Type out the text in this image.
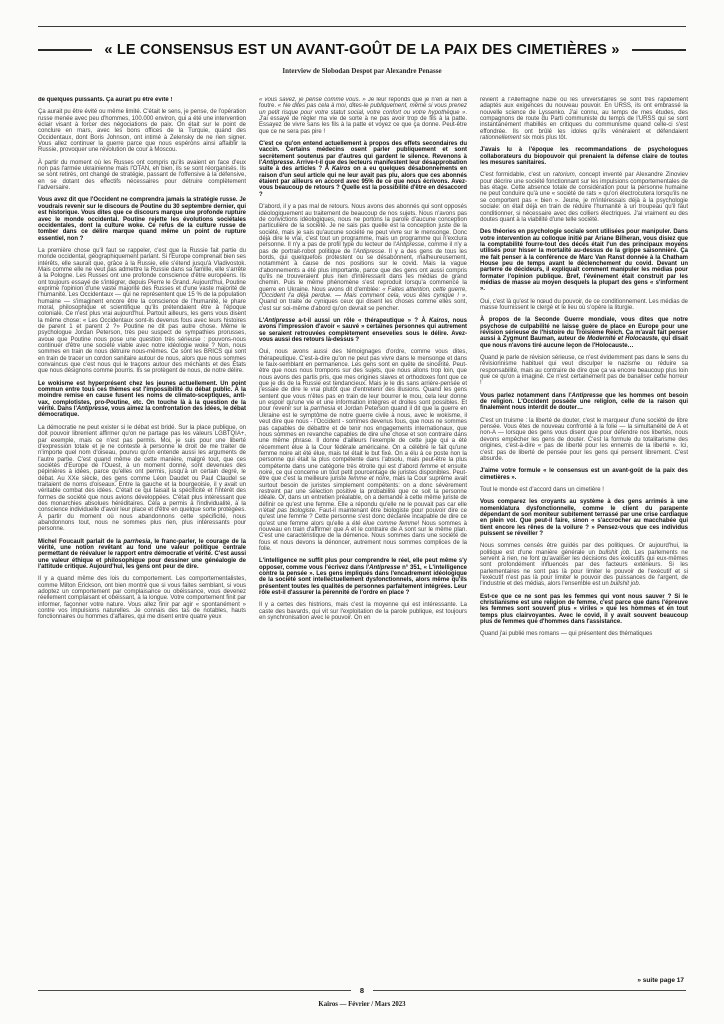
« LE CONSENSUS EST UN AVANT-GOÛT DE LA PAIX DES CIMETIÈRES »
Interview de Slobodan Despot par Alexandre Penasse

de quelques puissants. Ça aurait pu être évité !

Ça aurait pu être évité ou même limité. C'était le sens, je pense, de l'opération russe menée avec peu d'hommes, 100.000 environ, qui a été une intervention éclair visant à forcer des négociations de paix. On était sur le point de conclure en mars, avec les bons offices de la Turquie, quand des Occidentaux, dont Boris Johnson, ont intimé à Zelensky de ne rien signer. Vous allez continuer la guerre parce que nous espérons ainsi affaiblir la Russie, provoquer une révolution de cour à Moscou.

À partir du moment où les Russes ont compris qu'ils avaient en face d'eux non pas l'armée ukrainienne mais l'OTAN, eh bien, ils se sont réorganisés. Ils se sont retirés, ont changé de stratégie, passant de l'offensive à la défensive, en se dotant des effectifs nécessaires pour détruire complètement l'adversaire.

Vous avez dit que l'Occident ne comprendra jamais la stratégie russe. Je voudrais revenir sur le discours de Poutine du 30 septembre dernier, qui est historique. Vous dites que ce discours marque une profonde rupture avec le monde occidental. Poutine rejette les évolutions sociétales occidentales, dont la culture woke. Ce refus de la culture russe de tomber dans ce délire marque quand même un point de rupture essentiel, non ?

La première chose qu'il faut se rappeler, c'est que la Russie fait partie du monde occidental, géographiquement parlant. Si l'Europe comprenait bien ses intérêts, elle saurait que, grâce à la Russie, elle s'étend jusqu'à Vladivostok. Mais comme elle ne veut pas admettre la Russie dans sa famille, elle s'arrête à la Pologne. Les Russes ont une profonde conscience d'être européens. Ils ont toujours essayé de s'intégrer, depuis Pierre le Grand. Aujourd'hui, Poutine exprime l'opinion d'une vaste majorité des Russes et d'une vaste majorité de l'humanité. Les Occidentaux — qui ne représentent que 15 % de la population humaine — s'imaginent encore être la conscience de l'humanité, le phare moral, philosophique et scientifique qu'ils prétendaient être à l'époque coloniale. Ce n'est plus vrai aujourd'hui. Partout ailleurs, les gens vous disent la même chose: « Les Occidentaux sont-ils devenus fous avec leurs histoires de parent 1 et parent 2 ?» Poutine ne dit pas autre chose. Même le psychologue Jordan Peterson, très peu suspect de sympathies prorusses, avoue que Poutine nous pose une question très sérieuse : pouvons-nous continuer d'être une société viable avec notre idéologie woke ? Non, nous sommes en train de nous détruire nous-mêmes. Ce sont les BRICS qui sont en train de tracer un cordon sanitaire autour de nous, alors que nous sommes convaincus que c'est nous qui le traçons autour des méchants et des États que nous désignons comme pourris. Ils se protègent de nous, de notre délire.

Le wokisme est hyperprésent chez les jeunes actuellement. Un point commun entre tous ces thèmes est l'impossibilité du débat public. À la moindre remise en cause fusent les noms de climato-sceptiques, anti-vax, complotistes, pro-Poutine, etc. On touche là à la question de la vérité. Dans l'Antipresse, vous aimez la confrontation des idées, le débat démocratique.

La démocratie ne peut exister si le débat est bridé. Sur la place publique, on doit pouvoir librement affirmer qu'on ne partage pas les valeurs LGBTQIA+, par exemple, mais ce n'est pas permis. Moi, je suis pour une liberté d'expression totale et je ne conteste à personne le droit de me traiter de n'importe quel nom d'oiseau, pourvu qu'on entende aussi les arguments de l'autre partie. C'est quand même de cette manière, malgré tout, que ces sociétés d'Europe de l'Ouest, à un moment donné, sont devenues des pépinières à idées, parce qu'elles ont permis, jusqu'à un certain degré, le débat. Au XXe siècle, des gens comme Léon Daudet ou Paul Claudel se traitaient de noms d'oiseaux. Entre la gauche et la bourgeoisie, il y avait un véritable combat des idées. C'était ce qui faisait la spécificité et l'intérêt des formes de société que nous avions développées. C'était plus intéressant que des monarchies absolues héréditaires. Cela a permis à l'individualité, à la conscience individuelle d'avoir leur place et d'être en quelque sorte protégées. À partir du moment où nous abandonnons cette spécificité, nous abandonnons tout, nous ne sommes plus rien, plus intéressants pour personne.

Michel Foucault parlait de la parrhesia, le franc-parler, le courage de la vérité, une notion revêtant au fond une valeur politique centrale permettant de réévaluer le rapport entre démocratie et vérité. C'est aussi une valeur éthique et philosophique pour dessiner une généalogie de l'attitude critique. Aujourd'hui, les gens ont peur de dire.

Il y a quand même des lois du comportement. Les comportementalistes, comme Milton Erickson, ont bien montré que si vous faites semblant, si vous adoptez un comportement par complaisance ou obéissance, vous devenez réellement complaisant et obéissant, à la longue. Votre comportement finit par informer, façonner votre nature. Vous allez finir par agir « spontanément » contre vos impulsions naturelles. Je connais des tas de notables, hauts fonctionnaires ou hommes d'affaires, qui me disent entre quatre yeux

« vous savez, je pense comme vous. » Je leur réponds que je n'en ai rien à foutre. « Ne dites pas cela à moi, dites-le publiquement, même si vous prenez un petit risque pour votre statut social, votre confort ou votre hypothèque ». J'ai essayé de régler ma vie de sorte à ne pas avoir trop de fils à la patte. Essayez de vivre sans les fils à la patte et voyez ce que ça donne. Peut-être que ce ne sera pas pire !

C'est ce qu'on entend actuellement à propos des effets secondaires du vaccin. Certains médecins osent parler publiquement et sont secrètement soutenus par d'autres qui gardent le silence. Revenons à l'Antipresse. Arrive-t-il que des lecteurs manifestent leur désapprobation suite à des articles ? À Kairos on a eu quelques désabonnements en raison d'un seul article qui ne leur avait pas plu, alors que ces abonnés étaient par ailleurs en accord avec 95% de ce que nous écrivons. Avez-vous beaucoup de retours ? Quelle est la possibilité d'être en désaccord ?

D'abord, il y a pas mal de retours. Nous avons des abonnés qui sont opposés idéologiquement au traitement de beaucoup de nos sujets. Nous n'avons pas de convictions idéologiques, nous ne portons la parole d'aucune conception particulière de la société. Je ne sais pas quelle est la conception juste de la société, mais je sais qu'aucune société ne peut vivre sur le mensonge. Donc déjà dire le vrai, c'est tout un programme, mais un programme qui n'exclura personne. Il n'y a pas de profil type du lecteur de l'Antipresse, comme il n'y a pas de portrait-robot politique de l'Antipresse. Il y a des gens de tous les bords, qui quelquefois protestent ou se désabonnent, malheureusement, notamment à cause de nos positions sur le covid. Mais la vague d'abonnements a été plus importante, parce que des gens ont aussi compris qu'ils ne trouveraient plus rien d'intéressant dans les médias de grand chemin. Puis le même phénomène s'est reproduit lorsqu'a commencé la guerre en Ukraine. Nous avons dit d'emblée: « Faites attention, cette guerre, l'Occident l'a déjà perdue. — Mais comment cela, vous êtes cynique ! ». Quand on traite de cyniques ceux qui disent les choses comme elles sont, c'est sur soi-même d'abord qu'on devrait se pencher.

L'Antipresse a-t-il aussi un rôle « thérapeutique » ? À Kairos, nous avons l'impression d'avoir « sauvé » certaines personnes qui autrement se seraient retrouvées complètement ensevelies sous le délire. Avez-vous aussi des retours là-dessus ?

Oui, nous avons aussi des témoignages d'ordre, comme vous dites, thérapeutique. C'est-à-dire qu'on ne peut pas vivre dans le mensonge et dans le faux-semblant en permanence. Les gens sont en quête de sincérité. Peut-être que nous nous trompons sur des sujets, que nous allons trop loin, que nous avons des partis pris, que mes origines slaves et orthodoxes font que ce que je dis de la Russie est tendancieux. Mais je le dis sans arrière-pensée et j'essaie de dire le vrai plutôt que d'entretenir des illusions. Quand les gens sentent que vous n'êtes pas en train de leur bourrer le mou, cela leur donne un espoir qu'une vie et une information intègres et droites sont possibles. Et pour revenir sur la parrhesia et Jordan Peterson quand il dit que la guerre en Ukraine est le symptôme de notre guerre civile à nous, avec le wokisme, il veut dire que nous - l'Occident - sommes devenus fous, que nous ne sommes pas capables de débattre et de tenir nos engagements internationaux, que nous sommes en revanche capables de dire une chose et son contraire dans une même phrase. Il donne d'ailleurs l'exemple de cette juge qui a été récemment élue à la Cour fédérale américaine. On a célébré le fait qu'une femme noire ait été élue, mais tel était le but fixé. On a élu à ce poste non la personne qui était la plus compétente dans l'absolu, mais peut-être la plus compétente dans une catégorie très étroite qui est d'abord femme et ensuite noire, ce qui concerne un tout petit pourcentage de juristes disponibles. Peut-être que c'est la meilleure juriste femme et noire, mais la Cour suprême avait surtout besoin de juristes simplement compétents: on a donc sévèrement restreint par une sélection positive la probabilité que ce soit la personne idéale. Or, dans un entretien préalable, on a demandé à cette même juriste de définir ce qu'est une femme. Elle a répondu qu'elle ne le pouvait pas car elle n'était pas biologiste. Faut-il maintenant être biologiste pour pouvoir dire ce qu'est une femme ? Cette personne s'est donc déclarée incapable de dire ce qu'est une femme alors qu'elle a été élue comme femme! Nous sommes à nouveau en train d'affirmer que A et le contraire de A sont sur le même plan. C'est une caractéristique de la démence. Nous sommes dans une société de fous et nous devons la dénoncer, autrement nous sommes complices de la folie.

L'intelligence ne suffit plus pour comprendre le réel, elle peut même s'y opposer, comme vous l'écrivez dans l'Antipresse n° 351, « L'intelligence contre la pensée ». Les gens impliqués dans l'encadrement idéologique de la société sont intellectuellement dysfonctionnels, alors même qu'ils présentent toutes les qualités de personnes parfaitement intégrées. Leur rôle est-il d'assurer la pérennité de l'ordre en place ?

Il y a certes des histrions, mais c'est la moyenne qui est intéressante. La caste des bavards, qui vit sur l'exploitation de la parole publique, est toujours en synchronisation avec le pouvoir. On en

revient à l'Allemagne nazie où les universitaires se sont très rapidement adaptés aux exigences du nouveau pouvoir. En URSS, ils ont embrassé la nouvelle science de Lyssenko. J'ai connu, au temps de mes études, des compagnons de route du Parti communiste du temps de l'URSS qui se sont instantanément rhabillés en critiques du communisme quand celle-ci s'est effondrée. Ils ont brûlé les idoles qu'ils vénéraient et défendaient rationnellement six mois plus tôt.

J'avais lu à l'époque les recommandations de psychologues collaborateurs du biopouvoir qui prenaient la défense claire de toutes les mesures sanitaires.

C'est formidable, c'est un ratorium, concept inventé par Alexandre Zinoviev pour décrire une société fonctionnant sur les impulsions comportementales de bas étage. Cette absence totale de considération pour la personne humaine ne peut conduire qu'à une « société de rats » qu'on électrocutera lorsqu'ils ne se comportent pas « bien ». Jeune, je m'intéressais déjà à la psychologie sociale: on était déjà en train de réduire l'humanité à un troupeau qu'il faut conditionner, si nécessaire avec des colliers électriques. J'ai vraiment eu des doutes quant à la viabilité d'une telle société.

Des théories en psychologie sociale sont utilisées pour manipuler. Dans votre intervention au colloque initié par Ariane Bilheran, vous disiez que la comptabilité fourre-tout des décès était l'un des principaux moyens utilisés pour hisser la mortalité au-dessus de la grippe saisonnière. Ça me fait penser à la conférence de Marc Van Ranst donnée à la Chatham House peu de temps avant le déclenchement du covid. Devant un parterre de décideurs, il expliquait comment manipuler les médias pour formater l'opinion publique. Bref, l'événement était construit par les médias de masse au moyen desquels la plupart des gens « s'informent ».

Oui, c'est là qu'est le nœud du pouvoir, de ce conditionnement. Les médias de masse fournissent le clergé et le lieu où s'opère la liturgie.

À propos de la Seconde Guerre mondiale, vous dites que notre psychose de culpabilité ne laisse guère de place en Europe pour une révision sérieuse de l'histoire du Troisième Reich. Ça m'avait fait penser aussi à Zygmunt Bauman, auteur de Modernité et Holocauste, qui disait que nous n'avons tiré aucune leçon de l'Holocauste…

Quand je parle de révision sérieuse, ce n'est évidemment pas dans le sens du révisionnisme habituel qui veut disculper le nazisme ou réduire sa responsabilité, mais au contraire de dire que ça va encore beaucoup plus loin que ce qu'on a imaginé. Ce n'est certainement pas de banaliser cette horreur !

Vous parlez notamment dans l'Antipresse que les hommes ont besoin de religion. L'Occident possède une religion, celle de la raison qui finalement nous interdit de douter…

C'est un truisme : la liberté de douter, c'est le marqueur d'une société de libre pensée. Vous êtes de nouveau confronté à la folie — la simultanéité de A et non-A — lorsque des gens vous disent que pour défendre nos libertés, nous devons empêcher les gens de douter. C'est la formule du totalitarisme des origines, c'est-à-dire « pas de liberté pour les ennemis de la liberté ». Ici, c'est: pas de liberté de pensée pour les gens qui pensent librement. C'est absurde.

J'aime votre formule « le consensus est un avant-goût de la paix des cimetières ».

Tout le monde est d'accord dans un cimetière !

Vous comparez les croyants au système à des gens arrimés à une nomenklatura dysfonctionnelle, comme le client du parapente dépendant de son moniteur subitement terrassé par une crise cardiaque en plein vol. Que peut-il faire, sinon « s'accrocher au macchabée qui tient encore les rênes de la voilure ? » Pensez-vous que ces individus puissent se réveiller ?

Nous sommes censés être guidés par des politiques. Or aujourd'hui, la politique est d'une manière générale un bullshit job. Les parlements ne servent à rien, ne font qu'avaliser les décisions des exécutifs qui eux-mêmes sont profondément influencés par des facteurs extérieurs. Si les parlementaires ne sont pas là pour limiter le pouvoir de l'exécutif et si l'exécutif n'est pas là pour limiter le pouvoir des puissances de l'argent, de l'industrie et des médias, alors l'ensemble est un bullshit job.

Est-ce que ce ne sont pas les femmes qui vont nous sauver ? Si le christianisme est une religion de femme, c'est parce que dans l'épreuve les femmes sont souvent plus « viriles » que les hommes et en tout temps plus clairvoyantes. Avec le covid, il y avait souvent beaucoup plus de femmes que d'hommes dans l'assistance.

Quand j'ai publié mes romans — qui présentent des thématiques

» suite page 17
8
Kairos — Février / Mars 2023
